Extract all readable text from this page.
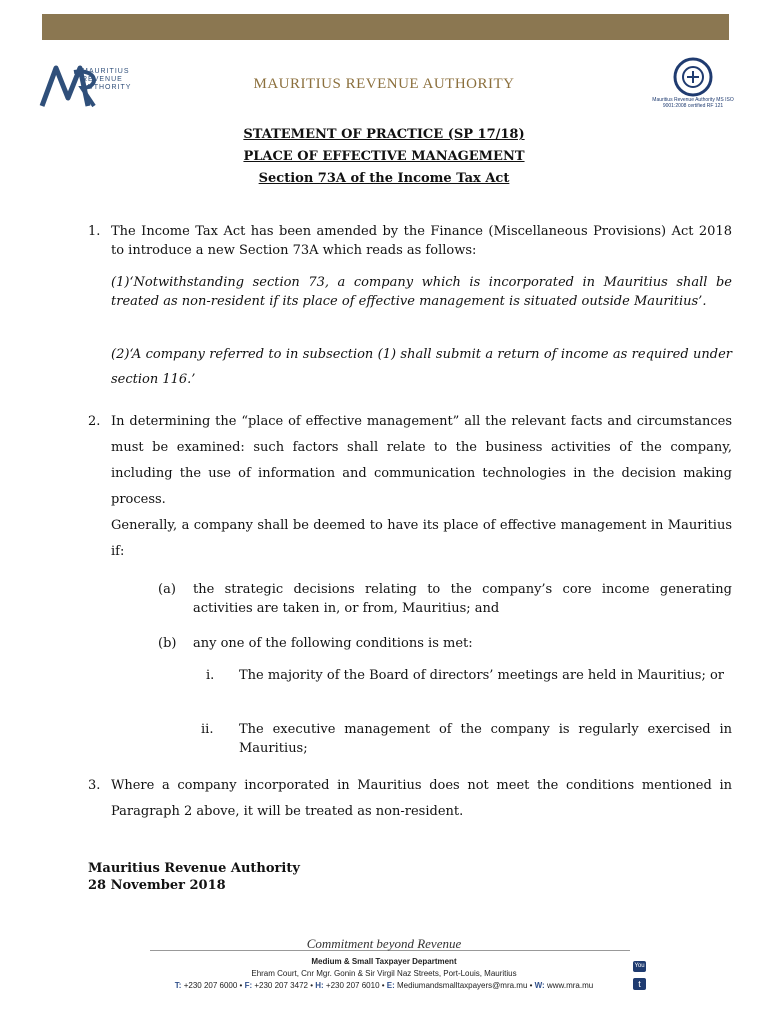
MAURITIUS
REVENUE
AUTHORITY	MAURITIUS REVENUE AUTHORITY
Mauritius Revenue Authority MS ISO 9001:2008 certified RF 121
STATEMENT OF PRACTICE (SP 17/18)
PLACE OF EFFECTIVE MANAGEMENT
Section 73A of the Income Tax Act
1. The Income Tax Act has been amended by the Finance (Miscellaneous Provisions) Act 2018 to introduce a new Section 73A which reads as follows:
(1)‘Notwithstanding section 73, a company which is incorporated in Mauritius shall be treated as non-resident if its place of effective management is situated outside Mauritius’.
(2)‘A company referred to in subsection (1) shall submit a return of income as required under section 116.’
2. In determining the “place of effective management” all the relevant facts and circumstances must be examined: such factors shall relate to the business activities of the company, including the use of information and communication technologies in the decision making process.
Generally, a company shall be deemed to have its place of effective management in Mauritius if:
(a) the strategic decisions relating to the company’s core income generating activities are taken in, or from, Mauritius; and
(b) any one of the following conditions is met:
i. The majority of the Board of directors’ meetings are held in Mauritius; or
ii. The executive management of the company is regularly exercised in Mauritius;
3. Where a company incorporated in Mauritius does not meet the conditions mentioned in Paragraph 2 above, it will be treated as non-resident.
Mauritius Revenue Authority
28 November 2018
Commitment beyond Revenue
Medium & Small Taxpayer Department
Ehram Court, Cnr Mgr. Gonin & Sir Virgil Naz Streets, Port-Louis, Mauritius
T: +230 207 6000 • F: +230 207 3472 • H: +230 207 6010 • E: Mediumandsmalltaxpayers@mra.mu • W: www.mra.mu
You
t
